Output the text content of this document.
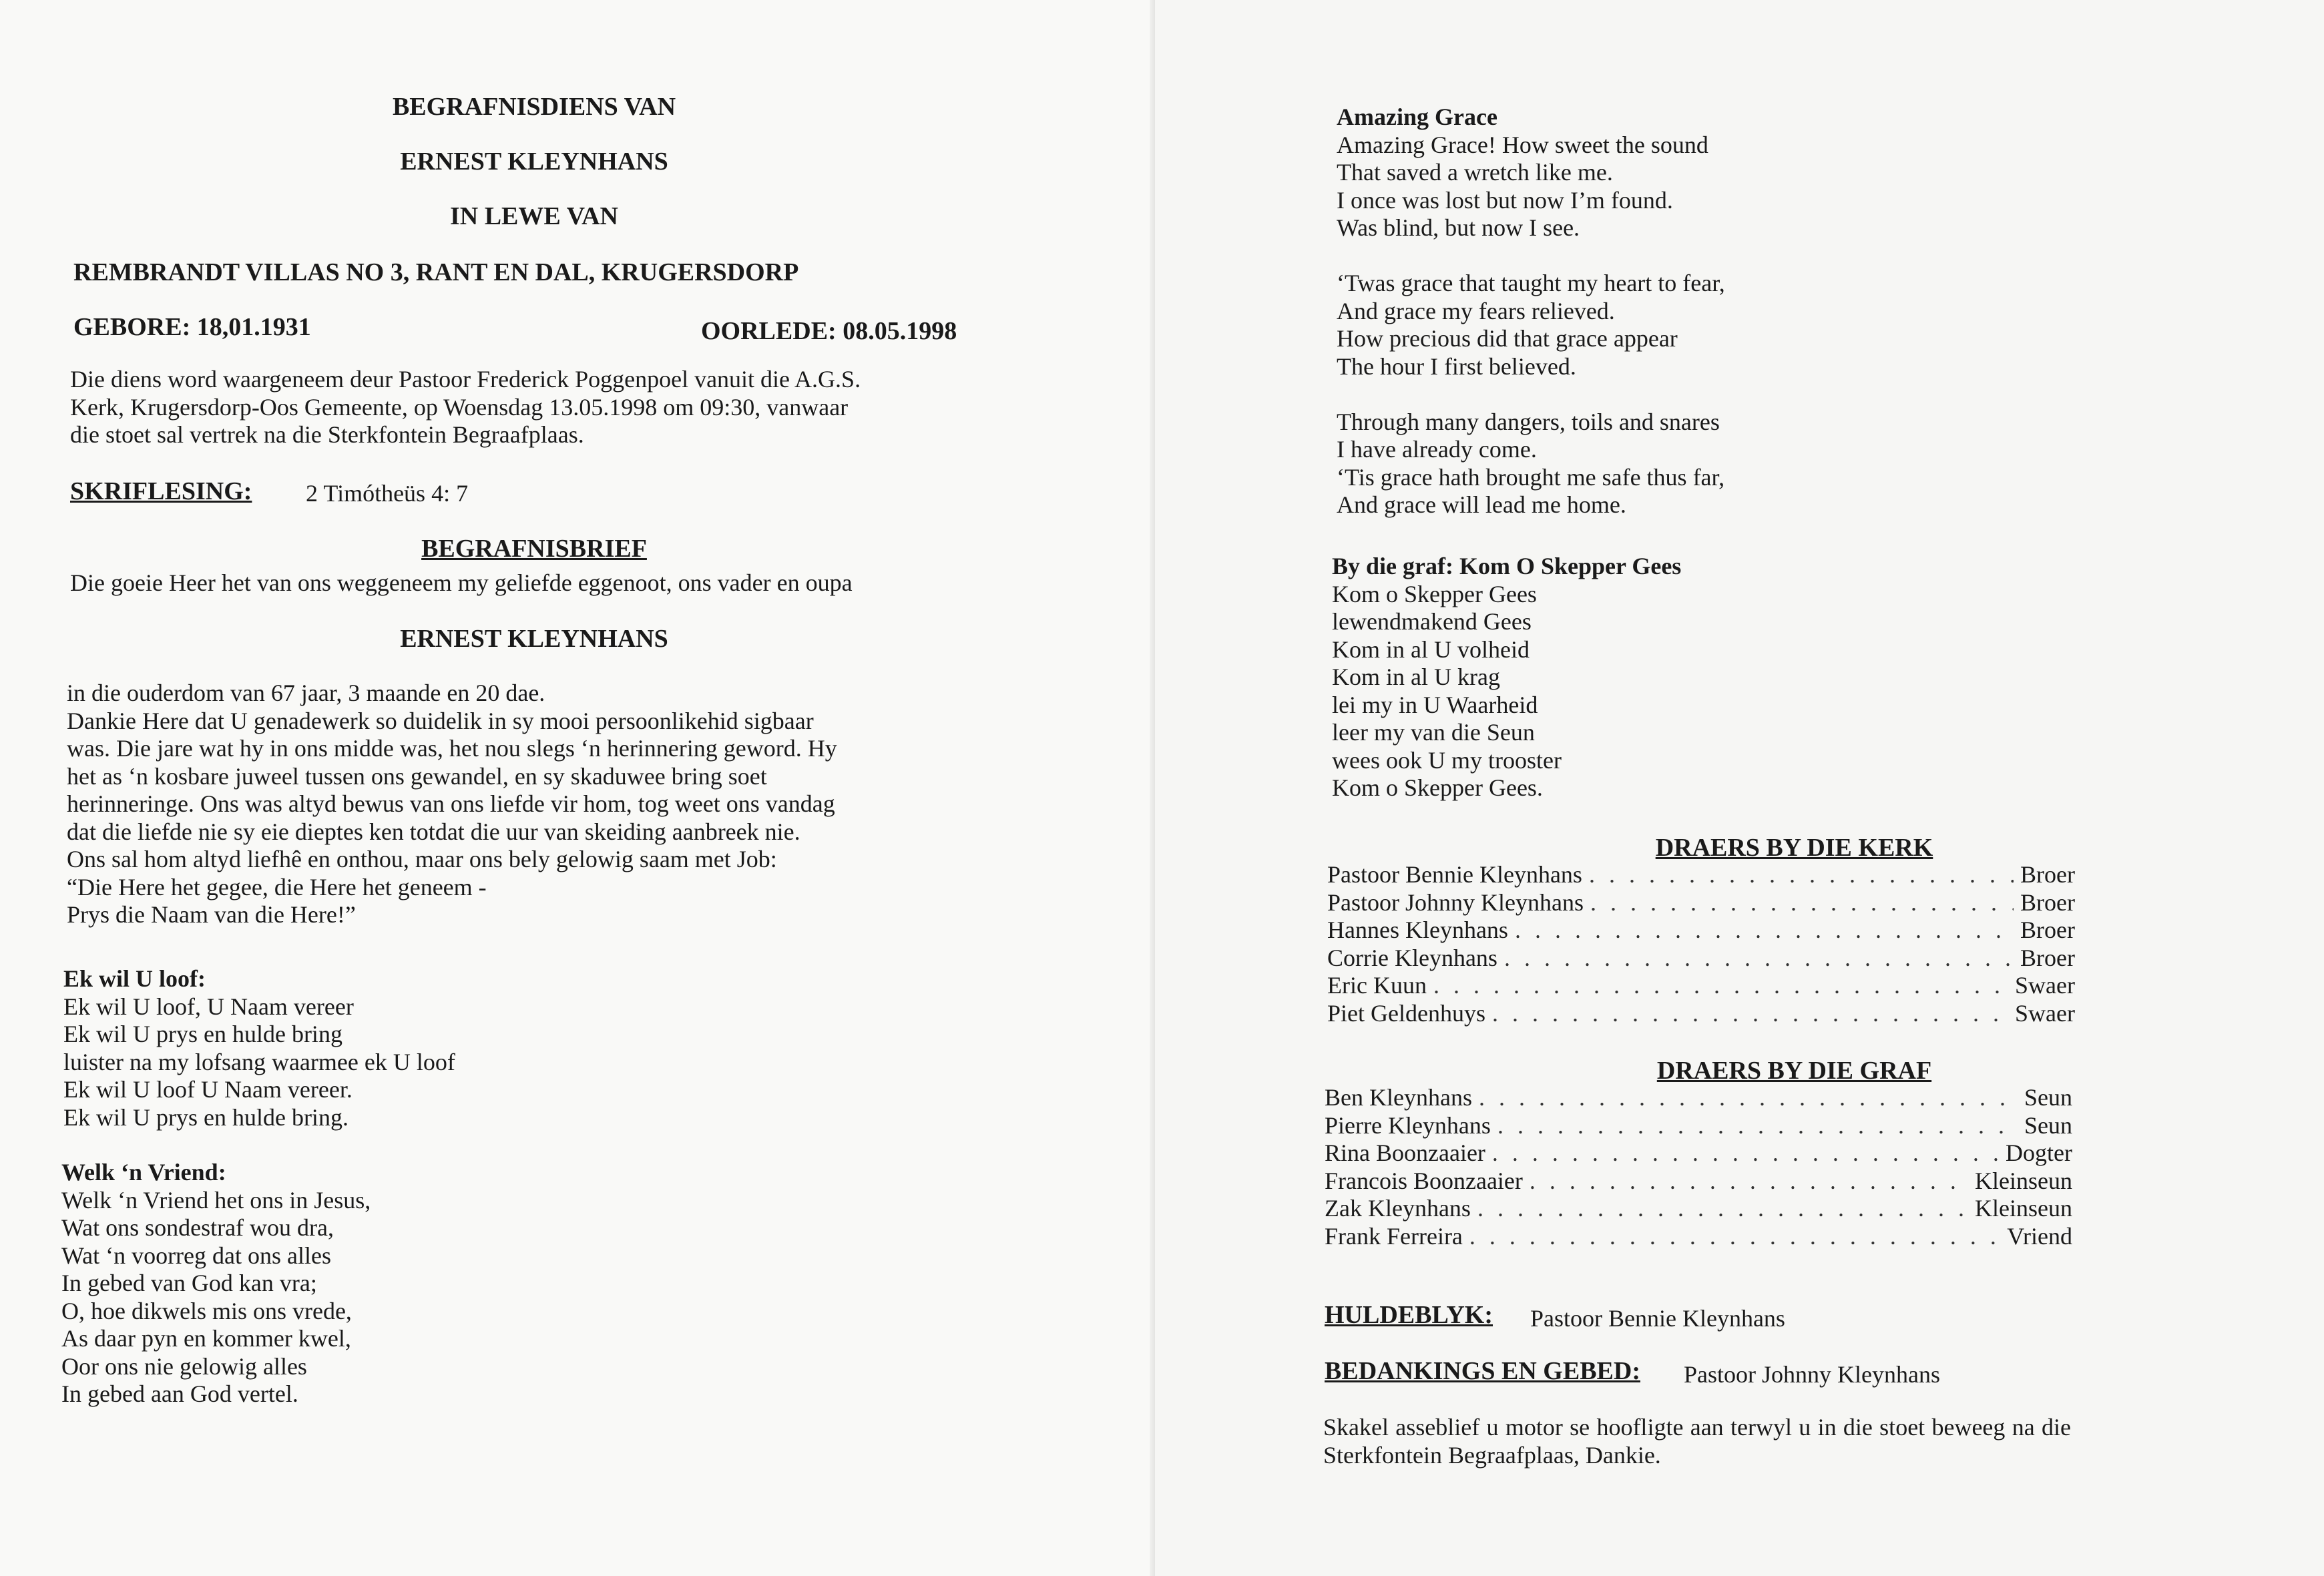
BEGRAFNISDIENS VAN
ERNEST KLEYNHANS
IN LEWE VAN
REMBRANDT VILLAS NO 3, RANT EN DAL, KRUGERSDORP
GEBORE: 18,01.1931	OORLEDE: 08.05.1998
Die diens word waargeneem deur Pastoor Frederick Poggenpoel vanuit die A.G.S.
Kerk, Krugersdorp-Oos Gemeente, op Woensdag 13.05.1998 om 09:30, vanwaar
die stoet sal vertrek na die Sterkfontein Begraafplaas.
SKRIFLESING: 2 Timótheüs 4: 7
BEGRAFNISBRIEF
Die goeie Heer het van ons weggeneem my geliefde eggenoot, ons vader en oupa
ERNEST KLEYNHANS
in die ouderdom van 67 jaar, 3 maande en 20 dae.
Dankie Here dat U genadewerk so duidelik in sy mooi persoonlikehid sigbaar
was. Die jare wat hy in ons midde was, het nou slegs ‘n herinnering geword. Hy
het as ‘n kosbare juweel tussen ons gewandel, en sy skaduwee bring soet
herinneringe. Ons was altyd bewus van ons liefde vir hom, tog weet ons vandag
dat die liefde nie sy eie dieptes ken totdat die uur van skeiding aanbreek nie.
Ons sal hom altyd liefhê en onthou, maar ons bely gelowig saam met Job:
“Die Here het gegee, die Here het geneem -
Prys die Naam van die Here!”
Ek wil U loof:
Ek wil U loof, U Naam vereer
Ek wil U prys en hulde bring
luister na my lofsang waarmee ek U loof
Ek wil U loof U Naam vereer.
Ek wil U prys en hulde bring.
Welk ‘n Vriend:
Welk ‘n Vriend het ons in Jesus,
Wat ons sondestraf wou dra,
Wat ‘n voorreg dat ons alles
In gebed van God kan vra;
O, hoe dikwels mis ons vrede,
As daar pyn en kommer kwel,
Oor ons nie gelowig alles
In gebed aan God vertel.
Amazing Grace
Amazing Grace! How sweet the sound
That saved a wretch like me.
I once was lost but now I’m found.
Was blind, but now I see.
‘Twas grace that taught my heart to fear,
And grace my fears relieved.
How precious did that grace appear
The hour I first believed.
Through many dangers, toils and snares
I have already come.
‘Tis grace hath brought me safe thus far,
And grace will lead me home.
By die graf: Kom O Skepper Gees
Kom o Skepper Gees
lewendmakend Gees
Kom in al U volheid
Kom in al U krag
lei my in U Waarheid
leer my van die Seun
wees ook U my trooster
Kom o Skepper Gees.
DRAERS BY DIE KERK
Pastoor Bennie Kleynhans . . .	Broer
Pastoor Johnny Kleynhans . . .	Broer
Hannes Kleynhans . . .	Broer
Corrie Kleynhans . . .	Broer
Eric Kuun . . .	Swaer
Piet Geldenhuys . . .	Swaer
DRAERS BY DIE GRAF
Ben Kleynhans . . .	Seun
Pierre Kleynhans . . .	Seun
Rina Boonzaaier . . .	Dogter
Francois Boonzaaier . . .	Kleinseun
Zak Kleynhans . . .	Kleinseun
Frank Ferreira . . .	Vriend
HULDEBLYK: Pastoor Bennie Kleynhans
BEDANKINGS EN GEBED: Pastoor Johnny Kleynhans
Skakel asseblief u motor se hoofligte aan terwyl u in die stoet beweeg na die
Sterkfontein Begraafplaas, Dankie.
